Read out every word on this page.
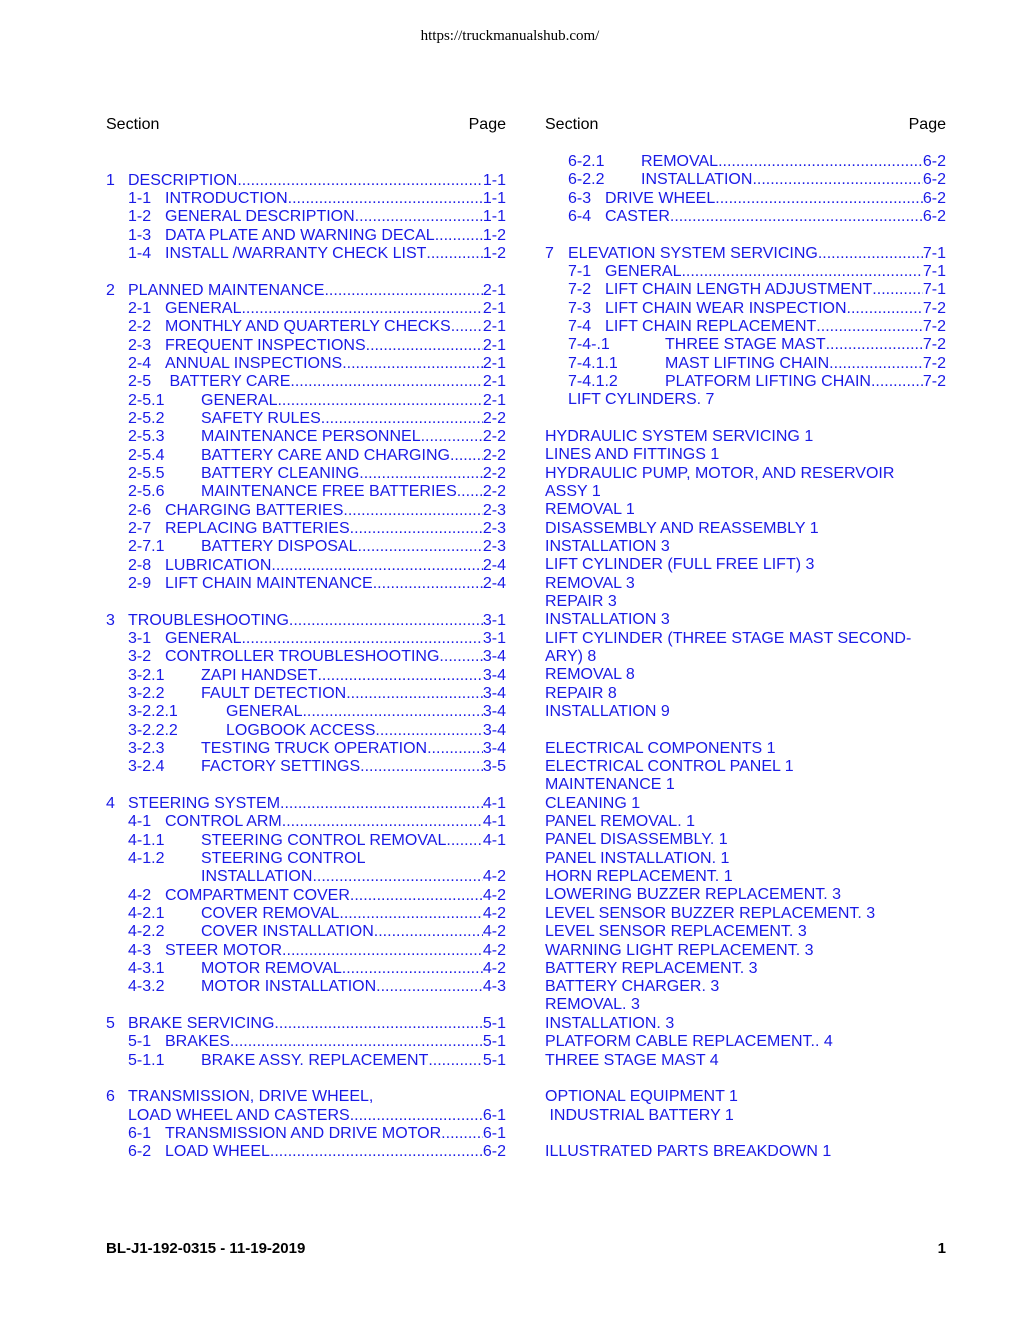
https://truckmanualshub.com/
Section	Page
1 DESCRIPTION .....	1-1
1-1 INTRODUCTION .....	1-1
1-2 GENERAL DESCRIPTION .....	1-1
1-3 DATA PLATE AND WARNING DECAL .....	1-2
1-4 INSTALL /WARRANTY CHECK LIST .....	1-2
2 PLANNED MAINTENANCE .....	2-1
2-1 GENERAL .....	2-1
2-2 MONTHLY AND QUARTERLY CHECKS ..... 2-1
2-3 FREQUENT INSPECTIONS .....	2-1
2-4 ANNUAL INSPECTIONS .....	2-1
2-5 BATTERY CARE .....	2-1
2-5.1 GENERAL .....	2-1
2-5.2 SAFETY RULES .....	2-2
2-5.3 MAINTENANCE PERSONNEL .....	2-2
2-5.4 BATTERY CARE AND CHARGING ..... 2-2
2-5.5 BATTERY CLEANING .....	2-2
2-5.6 MAINTENANCE FREE BATTERIES ..... 2-2
2-6 CHARGING BATTERIES .....	2-3
2-7 REPLACING BATTERIES .....	2-3
2-7.1 BATTERY DISPOSAL .....	2-3
2-8 LUBRICATION .....	2-4
2-9 LIFT CHAIN MAINTENANCE. .....	2-4
3 TROUBLESHOOTING .....	3-1
3-1 GENERAL .....	3-1
3-2 CONTROLLER TROUBLESHOOTING .....	3-4
3-2.1 ZAPI HANDSET .....	3-4
3-2.2 FAULT DETECTION .....	3-4
3-2.2.1	GENERAL .....	3-4
3-2.2.2	LOGBOOK ACCESS .....	3-4
3-2.3 TESTING TRUCK OPERATION. .....	3-4
3-2.4 FACTORY SETTINGS .....	3-5
4 STEERING SYSTEM .....	4-1
4-1 CONTROL ARM .....	4-1
4-1.1 STEERING CONTROL REMOVAL ..... 4-1
4-1.2 STEERING CONTROL
INSTALLATION .....	4-2
4-2 COMPARTMENT COVER .....	4-2
4-2.1 COVER REMOVAL .....	4-2
4-2.2 COVER INSTALLATION .....	4-2
4-3 STEER MOTOR .....	4-2
4-3.1 MOTOR REMOVAL .....	4-2
4-3.2 MOTOR INSTALLATION. .....	4-3
5 BRAKE SERVICING .....	5-1
5-1 BRAKES .....	5-1
5-1.1 BRAKE ASSY. REPLACEMENT .....	5-1
6 TRANSMISSION, DRIVE WHEEL,
LOAD WHEEL AND CASTERS .....	6-1
6-1 TRANSMISSION AND DRIVE MOTOR. ..... 6-1
6-2 LOAD WHEEL. .....	6-2
Section	Page
6-2.1 REMOVAL .....	6-2
6-2.2 INSTALLATION .....	6-2
6-3 DRIVE WHEEL .....	6-2
6-4 CASTER. .....	6-2
7 ELEVATION SYSTEM SERVICING .....	7-1
7-1 GENERAL .....	7-1
7-2 LIFT CHAIN LENGTH ADJUSTMENT .....	7-1
7-3 LIFT CHAIN WEAR INSPECTION .....	7-2
7-4 LIFT CHAIN REPLACEMENT .....	7-2
7-4-.1	THREE STAGE MAST .....	7-2
7-4.1.1	MAST LIFTING CHAIN .....	7-2
7-4.1.2	PLATFORM LIFTING CHAIN .....	7-2
LIFT CYLINDERS. 7
HYDRAULIC SYSTEM SERVICING 1
LINES AND FITTINGS 1
HYDRAULIC PUMP, MOTOR, AND RESERVOIR
ASSY 1
REMOVAL 1
DISASSEMBLY AND REASSEMBLY 1
INSTALLATION 3
LIFT CYLINDER (FULL FREE LIFT) 3
REMOVAL 3
REPAIR 3
INSTALLATION 3
LIFT CYLINDER (THREE STAGE MAST SECOND-
ARY) 8
REMOVAL 8
REPAIR 8
INSTALLATION 9
ELECTRICAL COMPONENTS 1
ELECTRICAL CONTROL PANEL 1
MAINTENANCE 1
CLEANING 1
PANEL REMOVAL. 1
PANEL DISASSEMBLY. 1
PANEL INSTALLATION. 1
HORN REPLACEMENT. 1
LOWERING BUZZER REPLACEMENT. 3
LEVEL SENSOR BUZZER REPLACEMENT. 3
LEVEL SENSOR REPLACEMENT. 3
WARNING LIGHT REPLACEMENT. 3
BATTERY REPLACEMENT. 3
BATTERY CHARGER. 3
REMOVAL. 3
INSTALLATION. 3
PLATFORM CABLE REPLACEMENT.. 4
THREE STAGE MAST 4
OPTIONAL EQUIPMENT 1
INDUSTRIAL BATTERY 1
ILLUSTRATED PARTS BREAKDOWN 1
BL-J1-192-0315 - 11-19-2019	1
